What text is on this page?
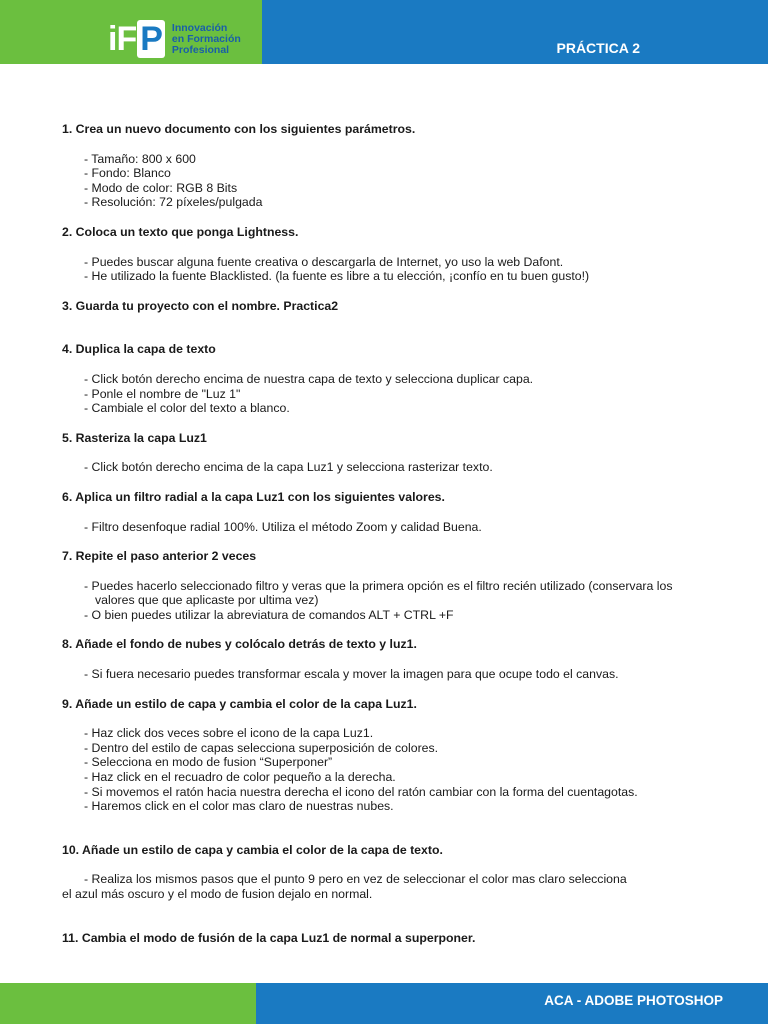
iF P Innovación
en Formación
Profesional	PRÁCTICA 2

1. Crea un nuevo documento con los siguientes parámetros.

- Tamaño: 800 x 600
- Fondo: Blanco
- Modo de color: RGB 8 Bits
- Resolución: 72 píxeles/pulgada

2. Coloca un texto que ponga Lightness.

- Puedes buscar alguna fuente creativa o descargarla de Internet, yo uso la web Dafont.
- He utilizado la fuente Blacklisted. (la fuente es libre a tu elección, ¡confío en tu buen gusto!)

3. Guarda tu proyecto con el nombre. Practica2

4. Duplica la capa de texto

- Click botón derecho encima de nuestra capa de texto y selecciona duplicar capa.
- Ponle el nombre de "Luz 1"
- Cambiale el color del texto a blanco.

5. Rasteriza la capa Luz1

- Click botón derecho encima de la capa Luz1 y selecciona rasterizar texto.

6. Aplica un filtro radial a la capa Luz1 con los siguientes valores.

- Filtro desenfoque radial 100%. Utiliza el método Zoom y calidad Buena.

7. Repite el paso anterior 2 veces

- Puedes hacerlo seleccionado filtro y veras que la primera opción es el filtro recién utilizado (conservara los valores que que aplicaste por ultima vez)
- O bien puedes utilizar la abreviatura de comandos ALT + CTRL +F

8. Añade el fondo de nubes y colócalo detrás de texto y luz1.

- Si fuera necesario puedes transformar escala y mover la imagen para que ocupe todo el canvas.

9. Añade un estilo de capa y cambia el color de la capa Luz1.

- Haz click dos veces sobre el icono de la capa Luz1.
- Dentro del estilo de capas selecciona superposición de colores.
- Selecciona en modo de fusion “Superponer”
- Haz click en el recuadro de color pequeño a la derecha.
- Si movemos el ratón hacia nuestra derecha el icono del ratón cambiar con la forma del cuentagotas.
- Haremos click en el color mas claro de nuestras nubes.

10. Añade un estilo de capa y cambia el color de la capa de texto.

- Realiza los mismos pasos que el punto 9 pero en vez de seleccionar el color mas claro selecciona
el azul más oscuro y el modo de fusion dejalo en normal.

11. Cambia el modo de fusión de la capa Luz1 de normal a superponer.

ACA - ADOBE PHOTOSHOP
